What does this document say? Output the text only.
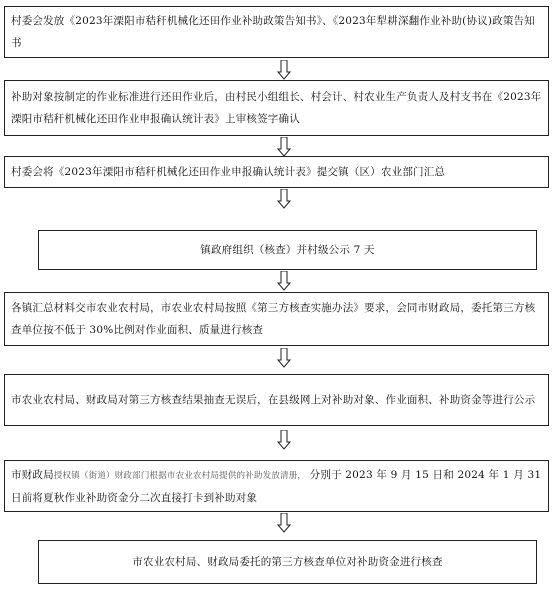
村委会发放《2023年溧阳市秸秆机械化还田作业补助政策告知书》、《2023年犁耕深翻作业补助(协议)政策告知书
补助对象按制定的作业标准进行还田作业后，由村民小组组长、村会计、村农业生产负责人及村支书在《2023年溧阳市秸秆机械化还田作业申报确认统计表》上审核签字确认
村委会将《2023年溧阳市秸秆机械化还田作业申报确认统计表》提交镇（区）农业部门汇总
镇政府组织（核查）并村级公示 7 天
各镇汇总材料交市农业农村局，市农业农村局按照《第三方核查实施办法》要求，会同市财政局，委托第三方核查单位按不低于 30%比例对作业面积、质量进行核查
市农业农村局、财政局对第三方核查结果抽查无误后，在县级网上对补助对象、作业面积、补助资金等进行公示
市财政局授权镇（街道）财政部门根据市农业农村局提供的补助发放清册， 分别于 2023 年 9 月 15 日和 2024 年 1 月 31 日前将夏秋作业补助资金分二次直接打卡到补助对象
市农业农村局、财政局委托的第三方核查单位对补助资金进行核查
